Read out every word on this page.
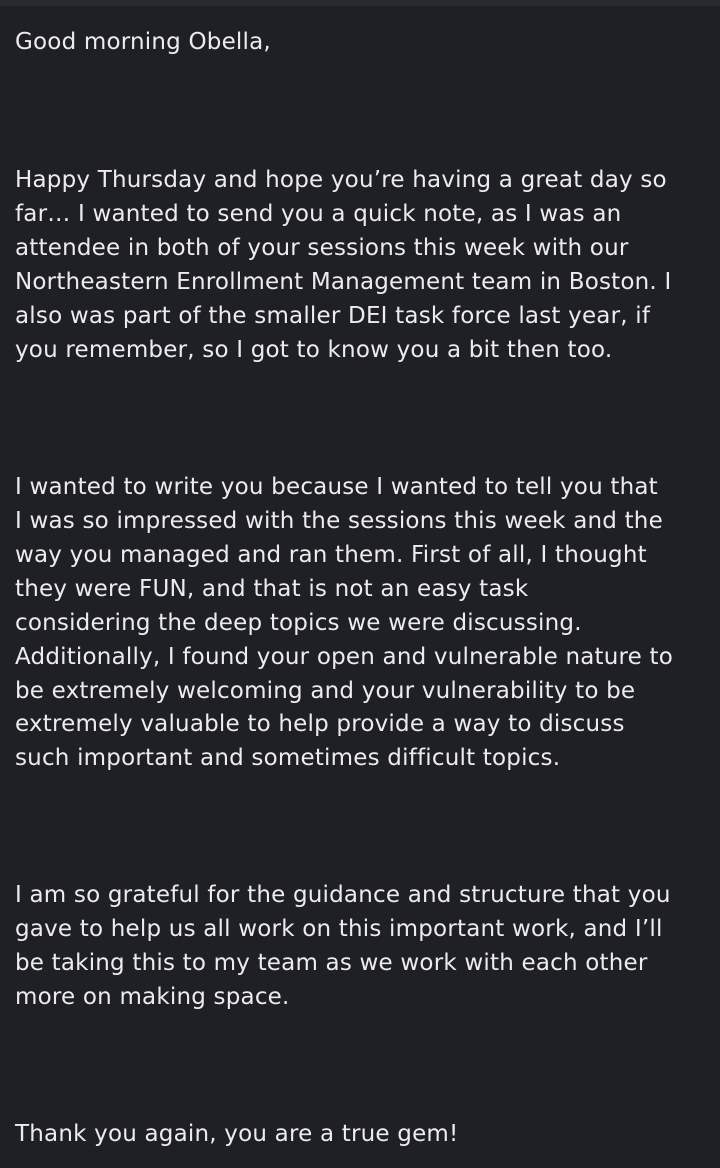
Good morning Obella,
Happy Thursday and hope you’re having a great day so
far… I wanted to send you a quick note, as I was an
attendee in both of your sessions this week with our
Northeastern Enrollment Management team in Boston. I
also was part of the smaller DEI task force last year, if
you remember, so I got to know you a bit then too.
I wanted to write you because I wanted to tell you that
I was so impressed with the sessions this week and the
way you managed and ran them. First of all, I thought
they were FUN, and that is not an easy task
considering the deep topics we were discussing.
Additionally, I found your open and vulnerable nature to
be extremely welcoming and your vulnerability to be
extremely valuable to help provide a way to discuss
such important and sometimes difficult topics.
I am so grateful for the guidance and structure that you
gave to help us all work on this important work, and I’ll
be taking this to my team as we work with each other
more on making space.
Thank you again, you are a true gem!
